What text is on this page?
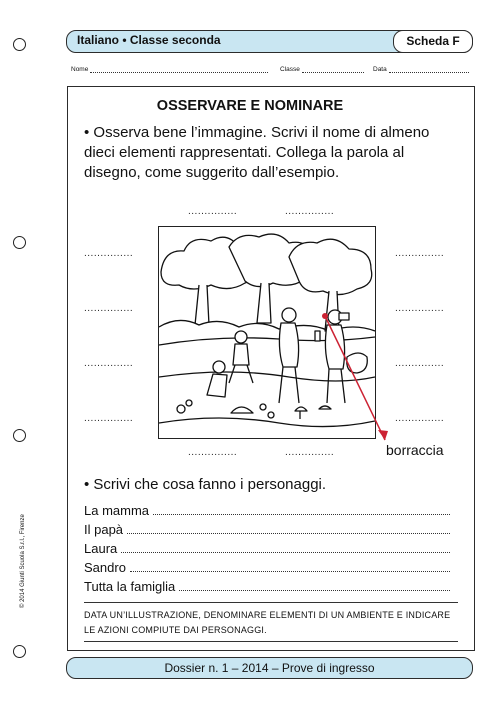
Italiano • Classe seconda	Scheda F
Nome	Classe	Data
OSSERVARE E NOMINARE
• Osserva bene l’immagine. Scrivi il nome di almeno dieci elementi rappresentati. Collega la parola al disegno, come suggerito dall’esempio.
...............	...............
...............	...............
...............	...............
...............	...............
...............	...............
...............	...............	borraccia
• Scrivi che cosa fanno i personaggi.
La mamma
Il papà
Laura
Sandro
Tutta la famiglia
DATA UN’ILLUSTRAZIONE, DENOMINARE ELEMENTI DI UN AMBIENTE E INDICARE LE AZIONI COMPIUTE DAI PERSONAGGI.
Dossier n. 1 – 2014 – Prove di ingresso
© 2014 Giunti Scuola S.r.l., Firenze
